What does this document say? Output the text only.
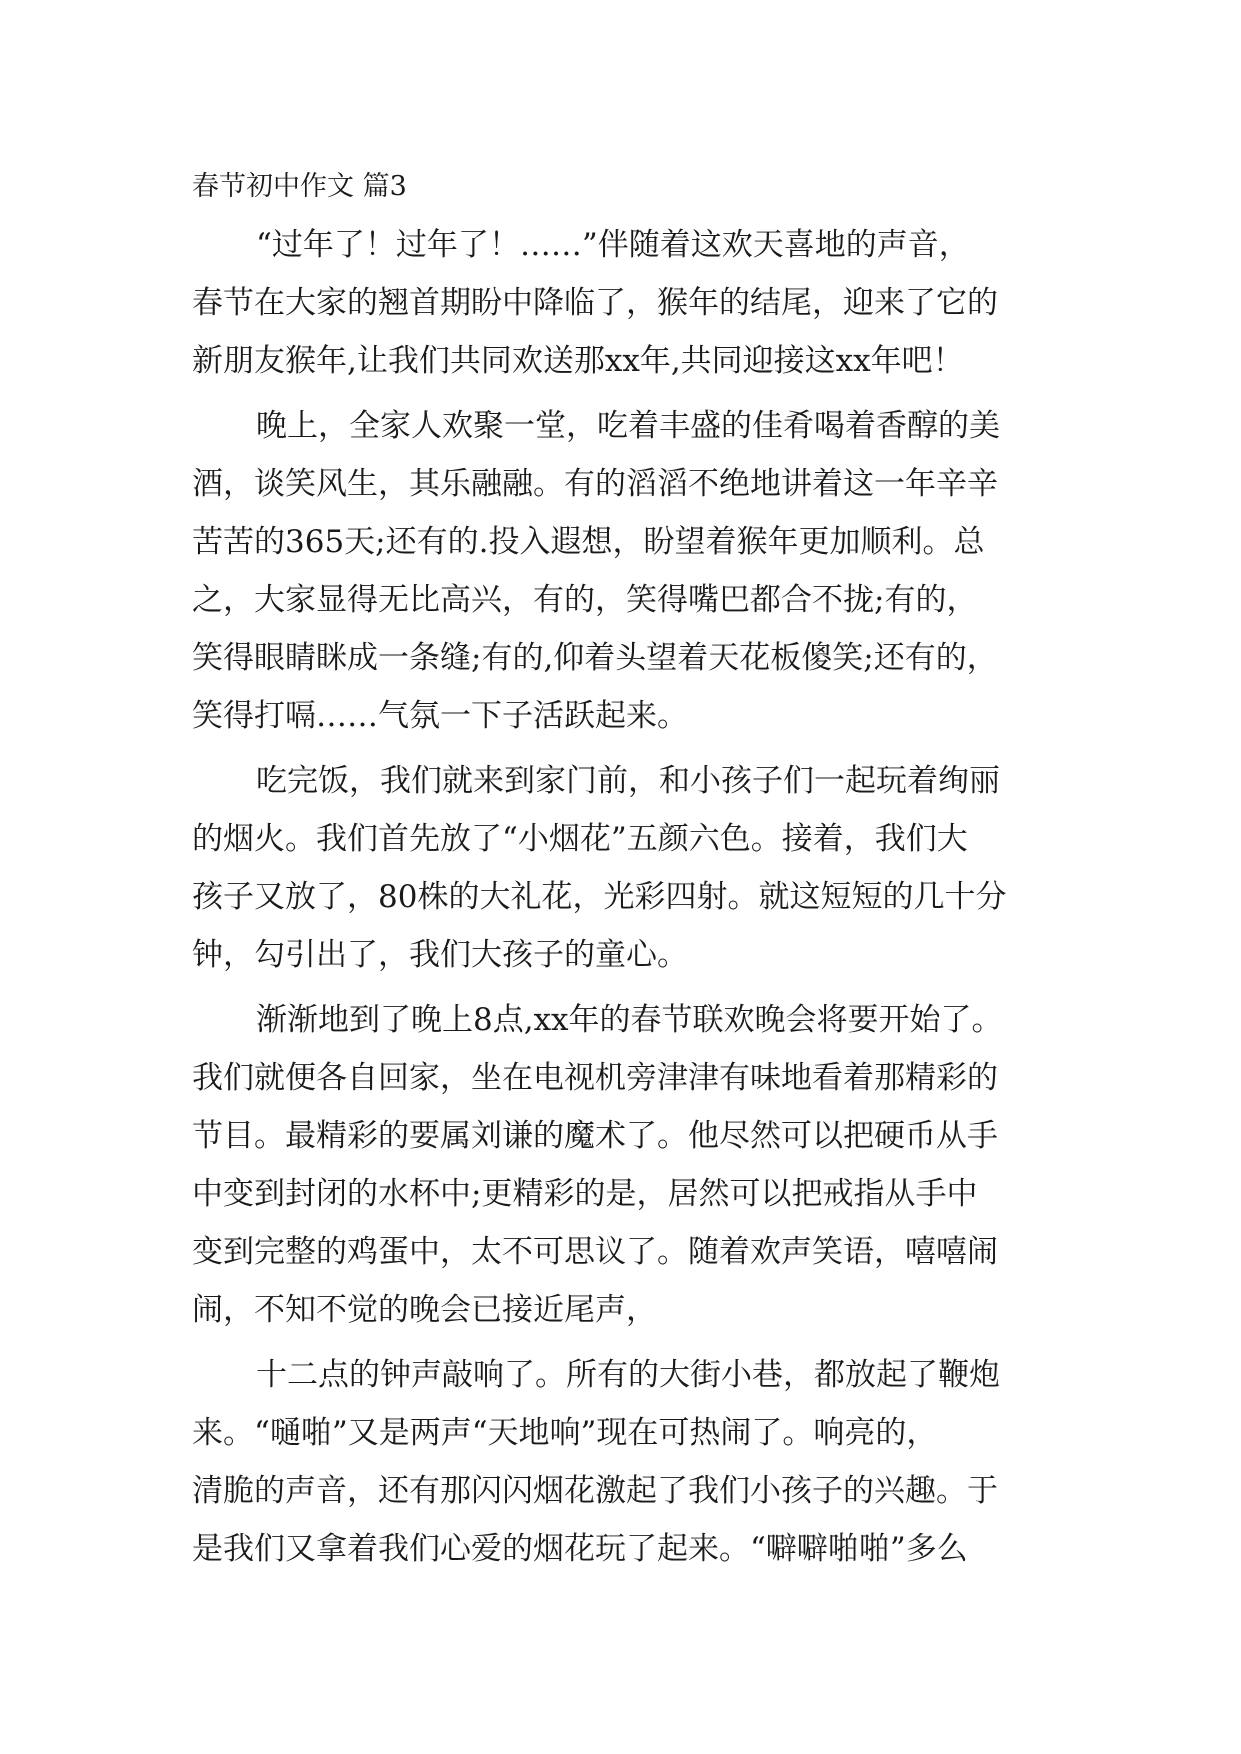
春节初中作文 篇3
“过年了！过年了！……”伴随着这欢天喜地的声音，
春节在大家的翘首期盼中降临了，猴年的结尾，迎来了它的
新朋友猴年,让我们共同欢送那xx年,共同迎接这xx年吧！
晚上，全家人欢聚一堂，吃着丰盛的佳肴喝着香醇的美
酒，谈笑风生，其乐融融。有的滔滔不绝地讲着这一年辛辛
苦苦的365天;还有的.投入遐想，盼望着猴年更加顺利。总
之，大家显得无比高兴，有的，笑得嘴巴都合不拢;有的，
笑得眼睛眯成一条缝;有的,仰着头望着天花板傻笑;还有的，
笑得打嗝……气氛一下子活跃起来。
吃完饭，我们就来到家门前，和小孩子们一起玩着绚丽
的烟火。我们首先放了“小烟花”五颜六色。接着，我们大
孩子又放了，80株的大礼花，光彩四射。就这短短的几十分
钟，勾引出了，我们大孩子的童心。
渐渐地到了晚上8点,xx年的春节联欢晚会将要开始了。
我们就便各自回家，坐在电视机旁津津有味地看着那精彩的
节目。最精彩的要属刘谦的魔术了。他尽然可以把硬币从手
中变到封闭的水杯中;更精彩的是，居然可以把戒指从手中
变到完整的鸡蛋中，太不可思议了。随着欢声笑语，嘻嘻闹
闹，不知不觉的晚会已接近尾声，
十二点的钟声敲响了。所有的大街小巷，都放起了鞭炮
来。“嗵啪”又是两声“天地响”现在可热闹了。响亮的，
清脆的声音，还有那闪闪烟花激起了我们小孩子的兴趣。于
是我们又拿着我们心爱的烟花玩了起来。“噼噼啪啪”多么
